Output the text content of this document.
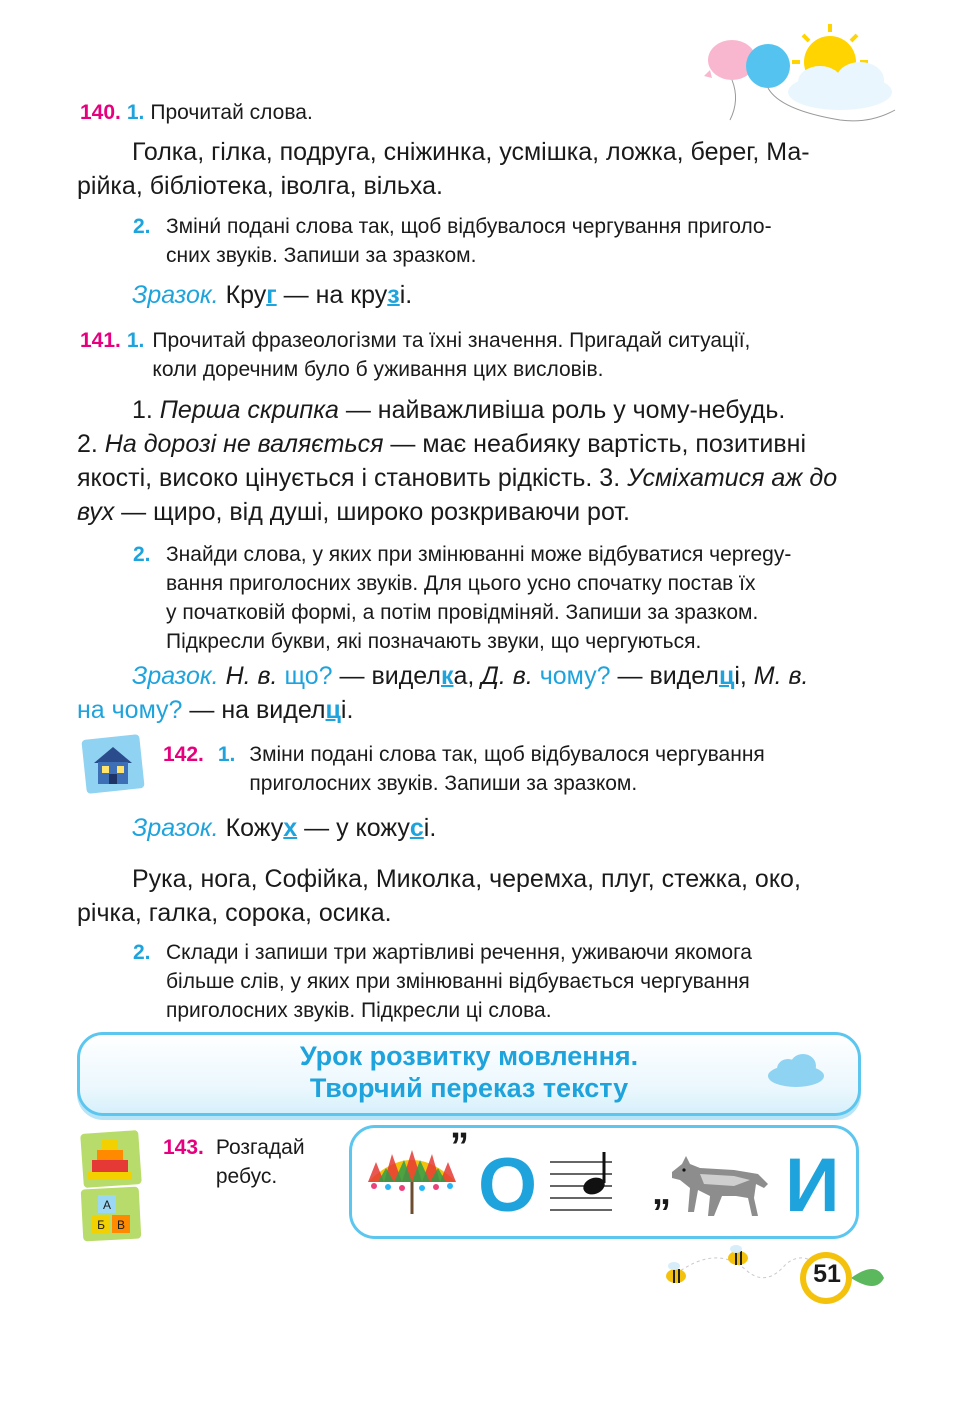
140. 1. Прочитай слова.
Голка, гілка, подруга, сніжинка, усмішка, ложка, берег, Ма-
рійка, бібліотека, іволга, вільха.
2. Зміни́ подані слова так, щоб відбувалося чергування приголо-
сних звуків. Запиши за зразком.
Зразок. Круг — на крузі.
141. 1. Прочитай фразеологізми та їхні значення. Пригадай ситуації,
коли доречним було б уживання цих висловів.
1. Перша скрипка — найважливіша роль у чому-небудь.
2. На дорозі не валяється — має неабияку вартість, позитивні
якості, високо цінується і становить рідкість. 3. Усміхатися аж до
вух — щиро, від душі, широко розкриваючи рот.
2. Знайди слова, у яких при змінюванні може відбуватися черregу-
вання приголосних звуків. Для цього усно спочатку постав їх
у початковій формі, а потім провідміняй. Запиши за зразком.
Підкресли букви, які позначають звуки, що чергуються.
Зразок. Н. в. що? — виделка, Д. в. чому? — виделці, М. в.
на чому? — на виделці.
142. 1. Зміни подані слова так, щоб відбувалося чергування
приголосних звуків. Запиши за зразком.
Зразок. Кожух — у кожусі.
Рука, нога, Софійка, Миколка, черемха, плуг, стежка, око,
річка, галка, сорока, осика.
2. Склади і запиши три жартівливі речення, уживаючи якомога
більше слів, у яких при змінюванні відбувається чергування
приголосних звуків. Підкресли ці слова.
Урок розвитку мовлення.
Творчий переказ тексту
А
Б В
143. Розгадай
ребус.
” О	„ И
51
